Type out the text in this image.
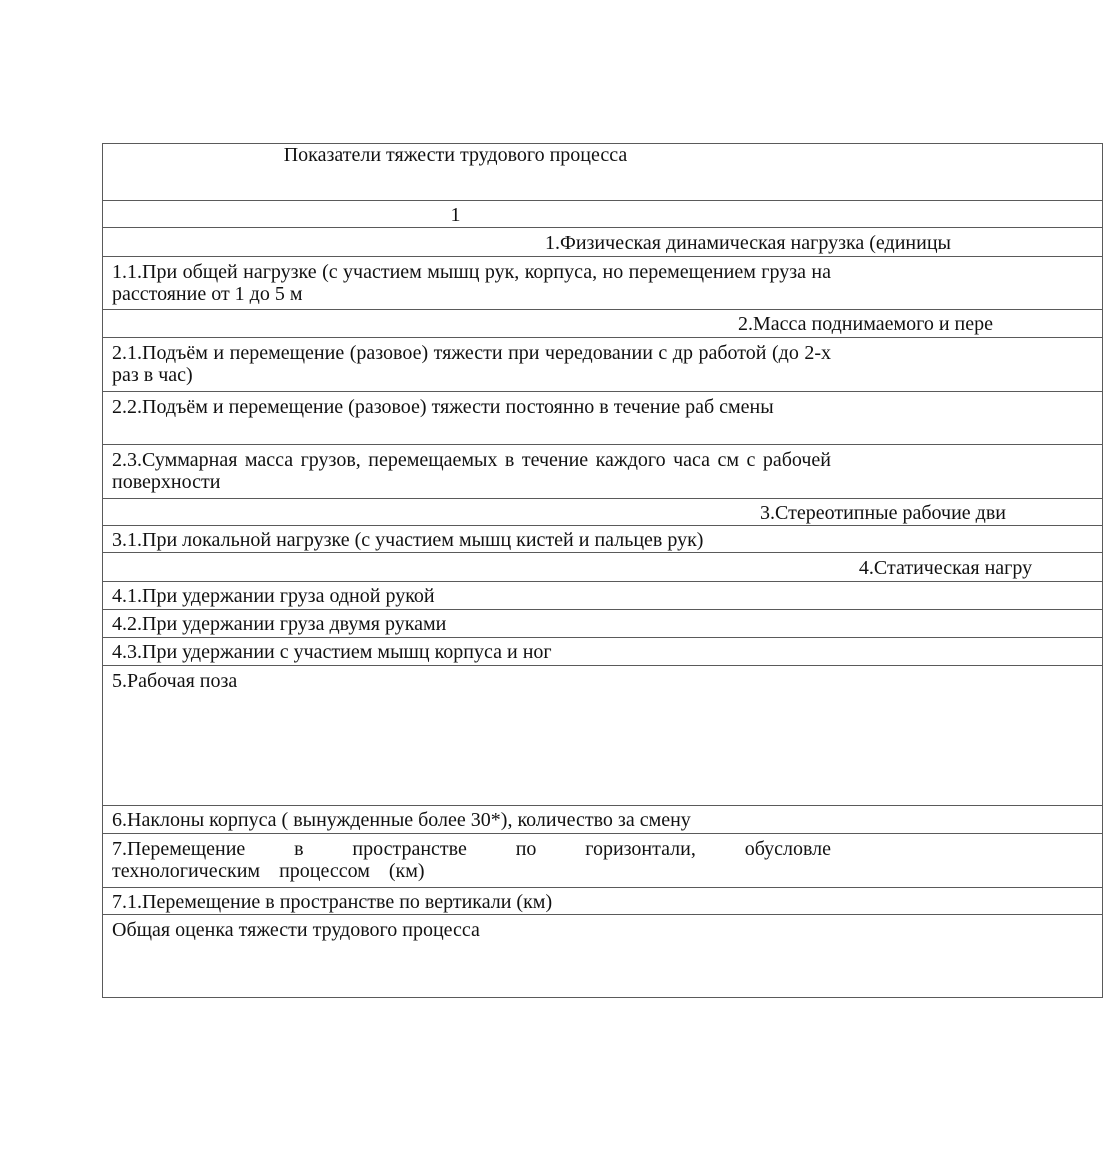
Показатели тяжести трудового процесса
1
1.Физическая динамическая нагрузка (единицы
1.1.При общей нагрузке (с участием мышц рук, корпуса, но перемещением груза на расстояние от 1 до 5 м
2.Масса поднимаемого и пере
2.1.Подъём и перемещение (разовое) тяжести при чередовании с др работой (до 2-х раз в час)
2.2.Подъём и перемещение (разовое) тяжести постоянно в течение раб смены
2.3.Суммарная масса грузов, перемещаемых в течение каждого часа см с рабочей поверхности
3.Стереотипные рабочие дви
3.1.При локальной нагрузке (с участием мышц кистей и пальцев рук)
4.Статическая нагру
4.1.При удержании груза одной рукой
4.2.При удержании груза двумя руками
4.3.При удержании с участием мышц корпуса и ног
5.Рабочая поза
6.Наклоны корпуса ( вынужденные более 30*), количество за смену
7.Перемещение в пространстве по горизонтали, обусловле технологическим процессом (км)
7.1.Перемещение в пространстве по вертикали (км)
Общая оценка тяжести трудового процесса
